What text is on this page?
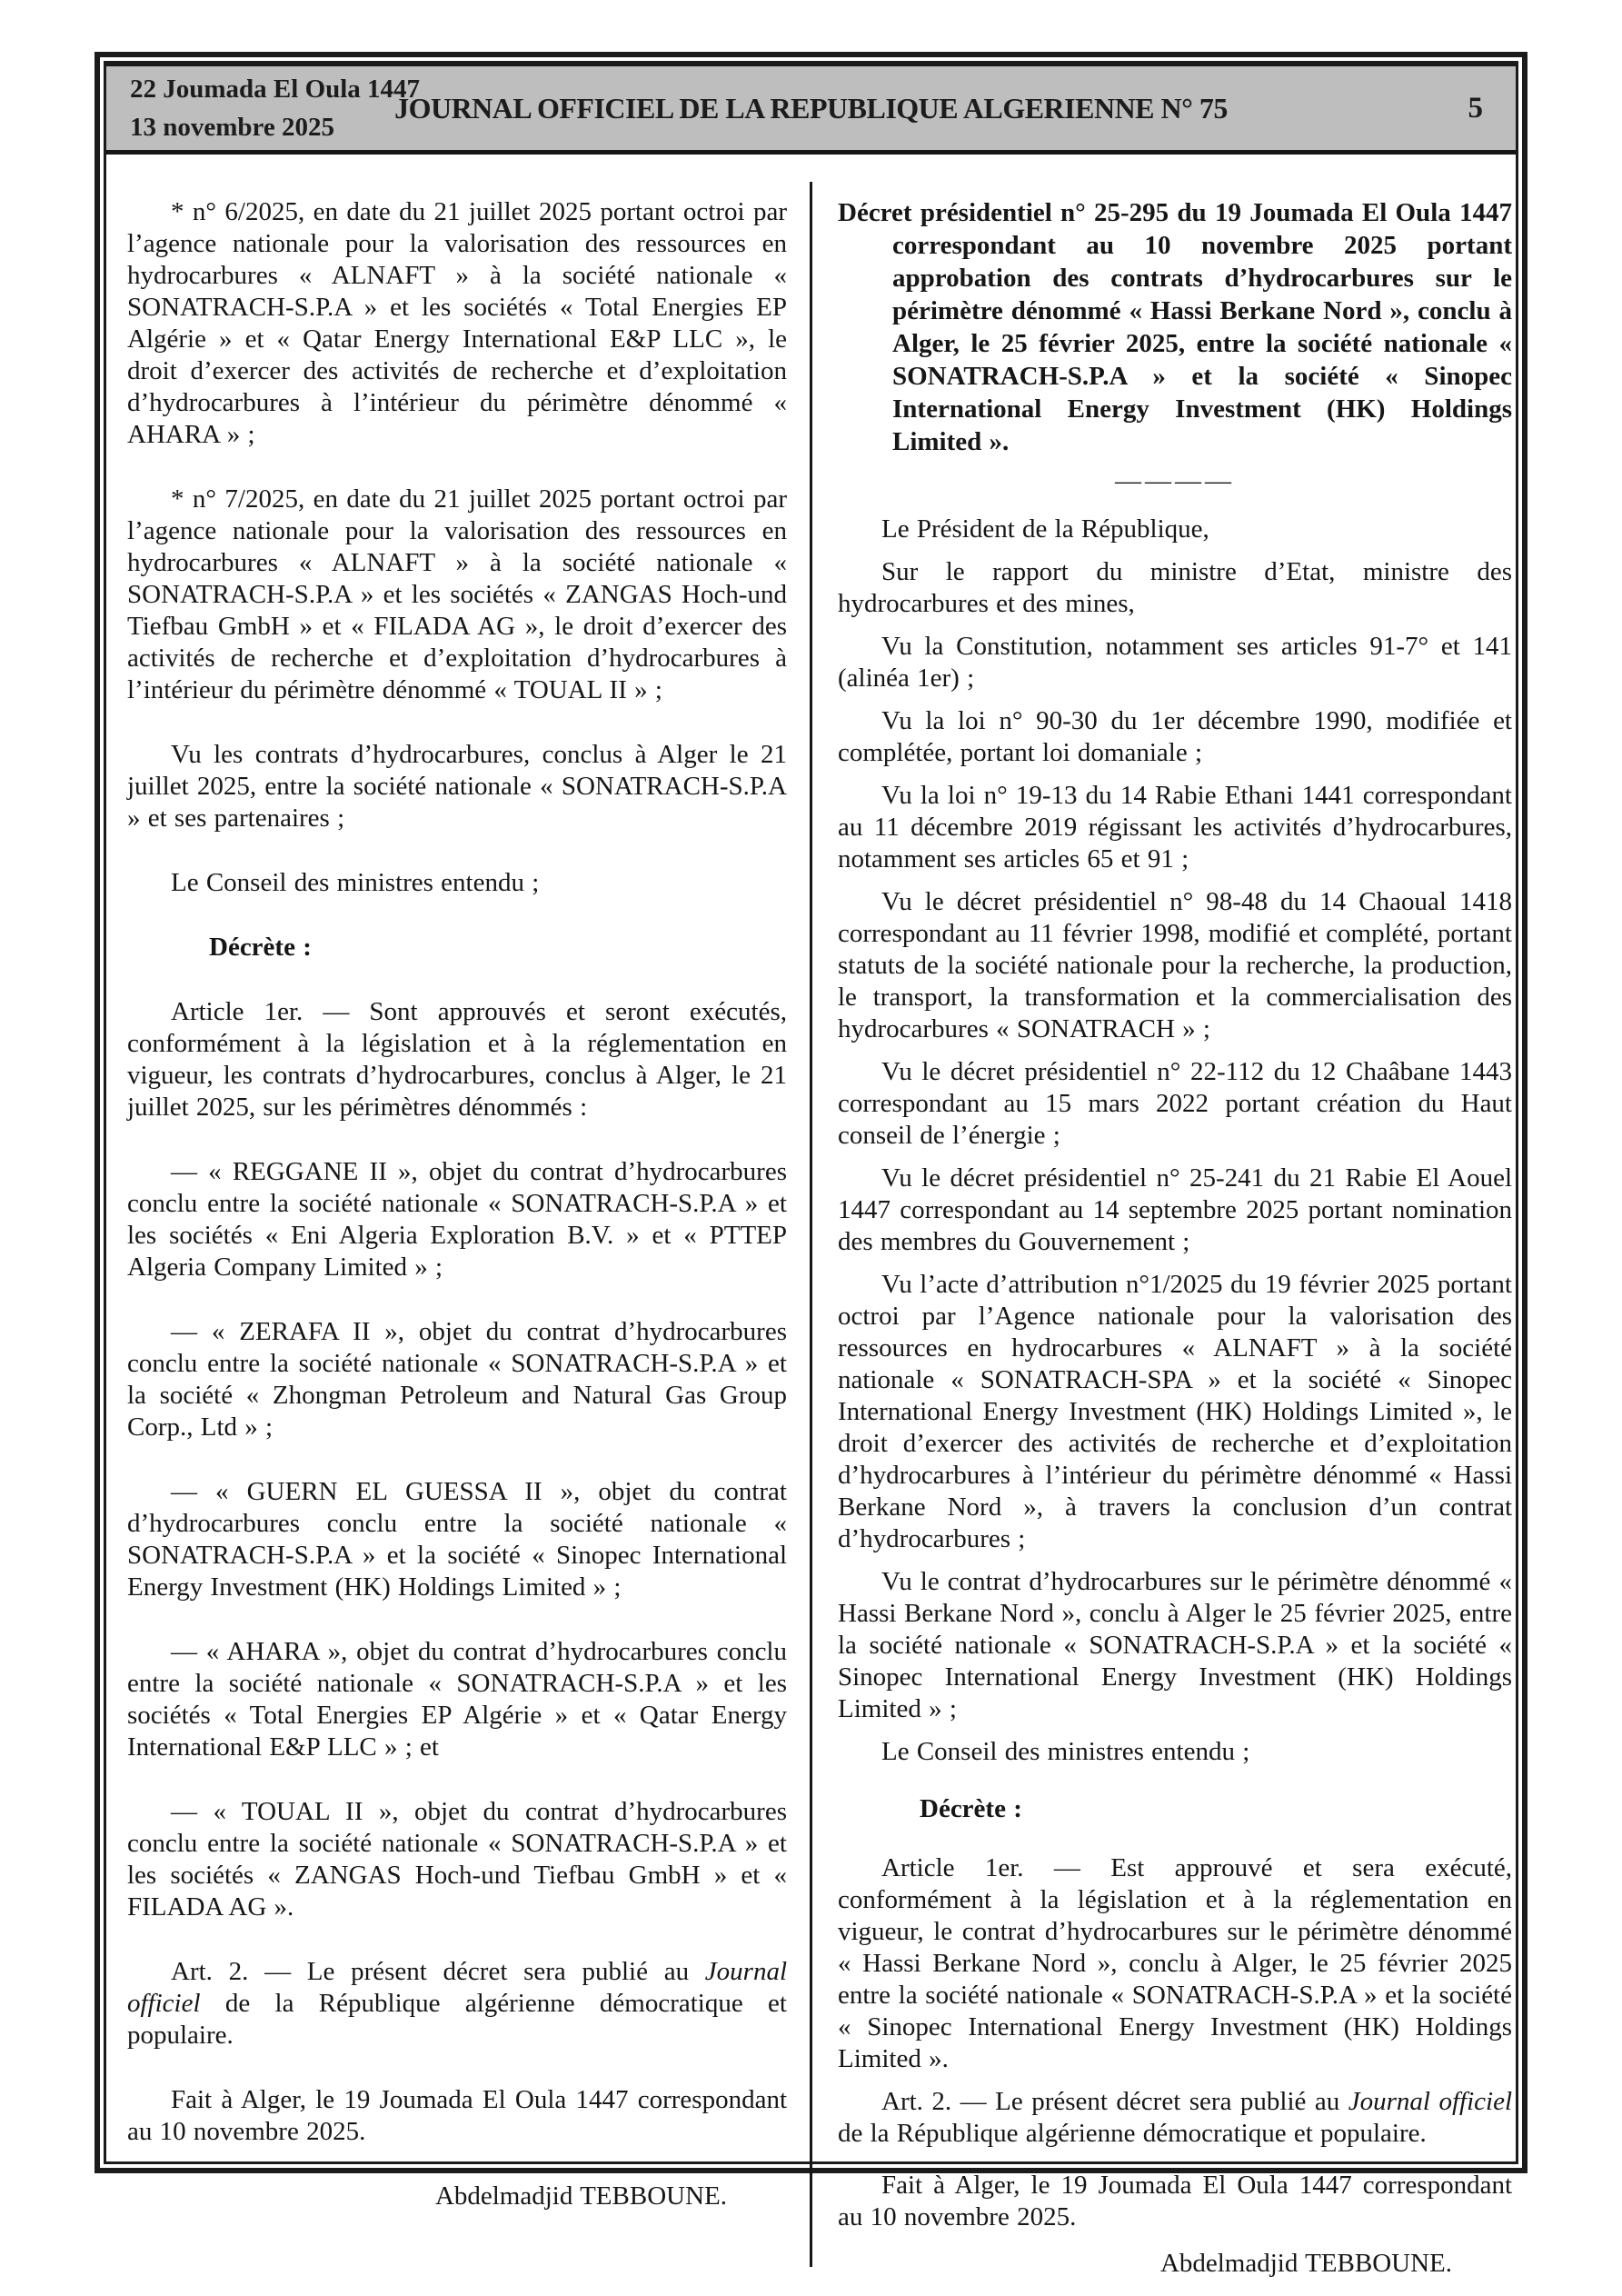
22 Joumada El Oula 1447
13 novembre 2025
JOURNAL OFFICIEL DE LA REPUBLIQUE ALGERIENNE N° 75	5

* n° 6/2025, en date du 21 juillet 2025 portant octroi par l’agence nationale pour la valorisation des ressources en hydrocarbures « ALNAFT » à la société nationale « SONATRACH-S.P.A » et les sociétés « Total Energies EP Algérie » et « Qatar Energy International E&P LLC », le droit d’exercer des activités de recherche et d’exploitation d’hydrocarbures à l’intérieur du périmètre dénommé « AHARA » ;

* n° 7/2025, en date du 21 juillet 2025 portant octroi par l’agence nationale pour la valorisation des ressources en hydrocarbures « ALNAFT » à la société nationale « SONATRACH-S.P.A » et les sociétés « ZANGAS Hoch-und Tiefbau GmbH » et « FILADA AG », le droit d’exercer des activités de recherche et d’exploitation d’hydrocarbures à l’intérieur du périmètre dénommé « TOUAL II » ;

Vu les contrats d’hydrocarbures, conclus à Alger le 21 juillet 2025, entre la société nationale « SONATRACH-S.P.A » et ses partenaires ;

Le Conseil des ministres entendu ;

Décrète :

Article 1er. — Sont approuvés et seront exécutés, conformément à la législation et à la réglementation en vigueur, les contrats d’hydrocarbures, conclus à Alger, le 21 juillet 2025, sur les périmètres dénommés :

— « REGGANE II », objet du contrat d’hydrocarbures conclu entre la société nationale « SONATRACH-S.P.A » et les sociétés « Eni Algeria Exploration B.V. » et « PTTEP Algeria Company Limited » ;

— « ZERAFA II », objet du contrat d’hydrocarbures conclu entre la société nationale « SONATRACH-S.P.A » et la société « Zhongman Petroleum and Natural Gas Group Corp., Ltd » ;

— « GUERN EL GUESSA II », objet du contrat d’hydrocarbures conclu entre la société nationale « SONATRACH-S.P.A » et la société « Sinopec International Energy Investment (HK) Holdings Limited » ;

— « AHARA », objet du contrat d’hydrocarbures conclu entre la société nationale « SONATRACH-S.P.A » et les sociétés « Total Energies EP Algérie » et « Qatar Energy International E&P LLC » ; et

— « TOUAL II », objet du contrat d’hydrocarbures conclu entre la société nationale « SONATRACH-S.P.A » et les sociétés « ZANGAS Hoch-und Tiefbau GmbH » et « FILADA AG ».

Art. 2. — Le présent décret sera publié au Journal officiel de la République algérienne démocratique et populaire.

Fait à Alger, le 19 Joumada El Oula 1447 correspondant au 10 novembre 2025.

Abdelmadjid TEBBOUNE.

Décret présidentiel n° 25-295 du 19 Joumada El Oula 1447 correspondant au 10 novembre 2025 portant approbation des contrats d’hydrocarbures sur le périmètre dénommé « Hassi Berkane Nord », conclu à Alger, le 25 février 2025, entre la société nationale « SONATRACH-S.P.A » et la société « Sinopec International Energy Investment (HK) Holdings Limited ».

————

Le Président de la République,

Sur le rapport du ministre d’Etat, ministre des hydrocarbures et des mines,

Vu la Constitution, notamment ses articles 91-7° et 141 (alinéa 1er) ;

Vu la loi n° 90-30 du 1er décembre 1990, modifiée et complétée, portant loi domaniale ;

Vu la loi n° 19-13 du 14 Rabie Ethani 1441 correspondant au 11 décembre 2019 régissant les activités d’hydrocarbures, notamment ses articles 65 et 91 ;

Vu le décret présidentiel n° 98-48 du 14 Chaoual 1418 correspondant au 11 février 1998, modifié et complété, portant statuts de la société nationale pour la recherche, la production, le transport, la transformation et la commercialisation des hydrocarbures « SONATRACH » ;

Vu le décret présidentiel n° 22-112 du 12 Chaâbane 1443 correspondant au 15 mars 2022 portant création du Haut conseil de l’énergie ;

Vu le décret présidentiel n° 25-241 du 21 Rabie El Aouel 1447 correspondant au 14 septembre 2025 portant nomination des membres du Gouvernement ;

Vu l’acte d’attribution n°1/2025 du 19 février 2025 portant octroi par l’Agence nationale pour la valorisation des ressources en hydrocarbures « ALNAFT » à la société nationale « SONATRACH-SPA » et la société « Sinopec International Energy Investment (HK) Holdings Limited », le droit d’exercer des activités de recherche et d’exploitation d’hydrocarbures à l’intérieur du périmètre dénommé « Hassi Berkane Nord », à travers la conclusion d’un contrat d’hydrocarbures ;

Vu le contrat d’hydrocarbures sur le périmètre dénommé « Hassi Berkane Nord », conclu à Alger le 25 février 2025, entre la société nationale « SONATRACH-S.P.A » et la société « Sinopec International Energy Investment (HK) Holdings Limited » ;

Le Conseil des ministres entendu ;

Décrète :

Article 1er. — Est approuvé et sera exécuté, conformément à la législation et à la réglementation en vigueur, le contrat d’hydrocarbures sur le périmètre dénommé « Hassi Berkane Nord », conclu à Alger, le 25 février 2025 entre la société nationale « SONATRACH-S.P.A » et la société « Sinopec International Energy Investment (HK) Holdings Limited ».

Art. 2. — Le présent décret sera publié au Journal officiel de la République algérienne démocratique et populaire.

Fait à Alger, le 19 Joumada El Oula 1447 correspondant au 10 novembre 2025.

Abdelmadjid TEBBOUNE.
